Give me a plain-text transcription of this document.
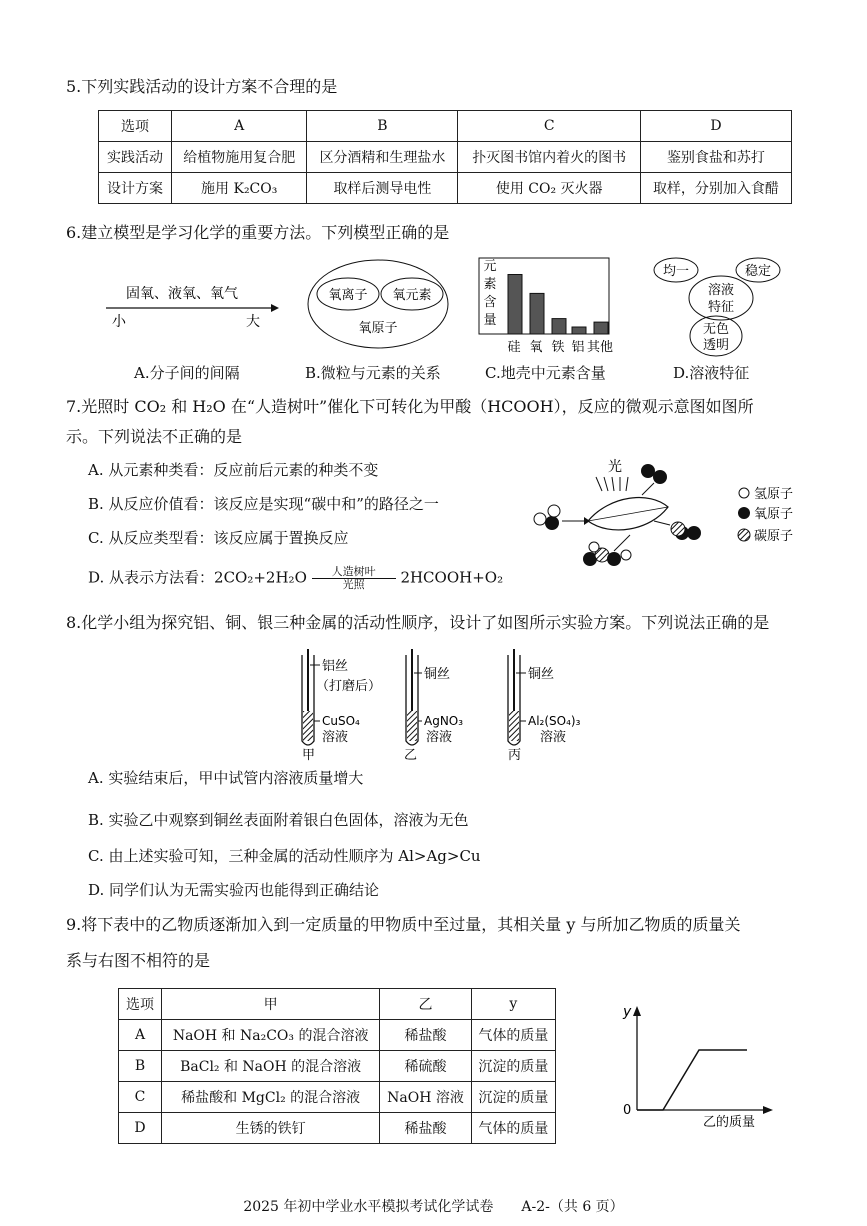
5.下列实践活动的设计方案不合理的是
选项	A	B	C	D
实践活动	给植物施用复合肥	区分酒精和生理盐水	扑灭图书馆内着火的图书	鉴别食盐和苏打
设计方案	施用 K₂CO₃	取样后测导电性	使用 CO₂ 灭火器	取样，分别加入食醋
6.建立模型是学习化学的重要方法。下列模型正确的是
固氧、液氧、氧气
小	大
氧离子 氧元素
氧原子
元
素
含
量
硅 氧 铁 铝 其他
溶液
特征
均一	稳定
无色
透明
A.分子间的间隔	B.微粒与元素的关系	C.地壳中元素含量	D.溶液特征
7.光照时 CO₂ 和 H₂O 在“人造树叶”催化下可转化为甲酸（HCOOH），反应的微观示意图如图所
示。下列说法不正确的是
A. 从元素种类看：反应前后元素的种类不变
B. 从反应价值看：该反应是实现“碳中和”的路径之一
C. 从反应类型看：该反应属于置换反应
D. 从表示方法看：2CO₂+2H₂O	人造树叶
光照	2HCOOH+O₂
光
氢原子
氧原子
碳原子
8.化学小组为探究铝、铜、银三种金属的活动性顺序，设计了如图所示实验方案。下列说法正确的是
铝丝
（打磨后）
CuSO₄
溶液
甲
铜丝
AgNO₃
溶液
乙
铜丝
Al₂(SO₄)₃
溶液
丙
A. 实验结束后，甲中试管内溶液质量增大
B. 实验乙中观察到铜丝表面附着银白色固体，溶液为无色
C. 由上述实验可知，三种金属的活动性顺序为 Al>Ag>Cu
D. 同学们认为无需实验丙也能得到正确结论
9.将下表中的乙物质逐渐加入到一定质量的甲物质中至过量，其相关量 y 与所加乙物质的质量关
系与右图不相符的是
选项	甲	乙	y
A	NaOH 和 Na₂CO₃ 的混合溶液	稀盐酸	气体的质量
B	BaCl₂ 和 NaOH 的混合溶液	稀硫酸	沉淀的质量
C	稀盐酸和 MgCl₂ 的混合溶液	NaOH 溶液	沉淀的质量
D	生锈的铁钉	稀盐酸	气体的质量
y
0
乙的质量
2025 年初中学业水平模拟考试化学试卷　　A-2-（共 6 页）
